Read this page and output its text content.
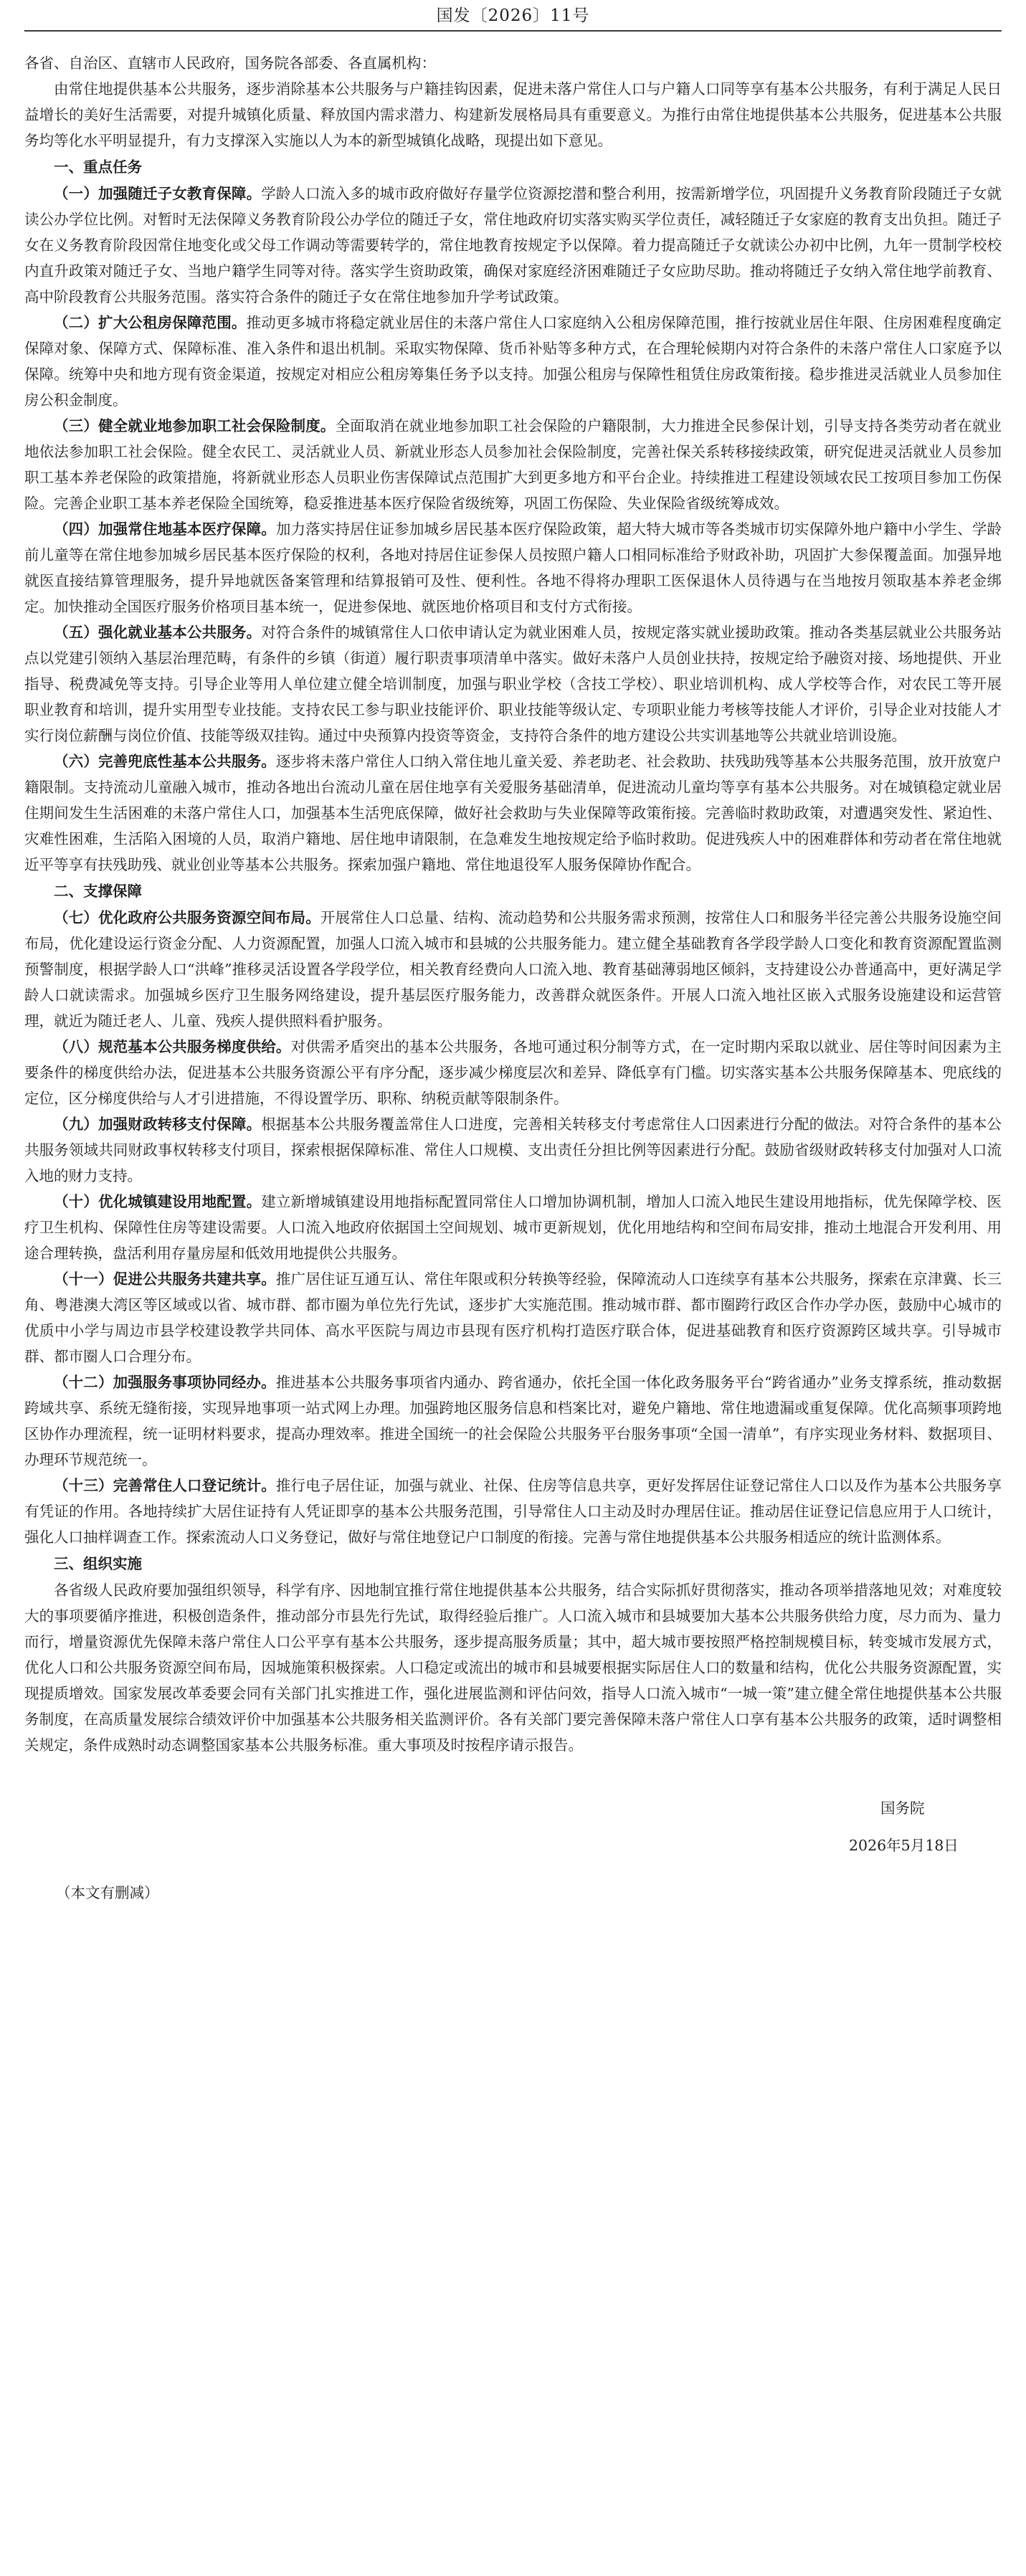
国发〔2026〕11号
各省、自治区、直辖市人民政府，国务院各部委、各直属机构：

由常住地提供基本公共服务，逐步消除基本公共服务与户籍挂钩因素，促进未落户常住人口与户籍人口同等享有基本公共服务，有利于满足人民日益增长的美好生活需要，对提升城镇化质量、释放国内需求潜力、构建新发展格局具有重要意义。为推行由常住地提供基本公共服务，促进基本公共服务均等化水平明显提升，有力支撑深入实施以人为本的新型城镇化战略，现提出如下意见。

一、重点任务

（一）加强随迁子女教育保障。学龄人口流入多的城市政府做好存量学位资源挖潜和整合利用，按需新增学位，巩固提升义务教育阶段随迁子女就读公办学位比例。对暂时无法保障义务教育阶段公办学位的随迁子女，常住地政府切实落实购买学位责任，减轻随迁子女家庭的教育支出负担。随迁子女在义务教育阶段因常住地变化或父母工作调动等需要转学的，常住地教育按规定予以保障。着力提高随迁子女就读公办初中比例，九年一贯制学校校内直升政策对随迁子女、当地户籍学生同等对待。落实学生资助政策，确保对家庭经济困难随迁子女应助尽助。推动将随迁子女纳入常住地学前教育、高中阶段教育公共服务范围。落实符合条件的随迁子女在常住地参加升学考试政策。

（二）扩大公租房保障范围。推动更多城市将稳定就业居住的未落户常住人口家庭纳入公租房保障范围，推行按就业居住年限、住房困难程度确定保障对象、保障方式、保障标准、准入条件和退出机制。采取实物保障、货币补贴等多种方式，在合理轮候期内对符合条件的未落户常住人口家庭予以保障。统筹中央和地方现有资金渠道，按规定对相应公租房筹集任务予以支持。加强公租房与保障性租赁住房政策衔接。稳步推进灵活就业人员参加住房公积金制度。

（三）健全就业地参加职工社会保险制度。全面取消在就业地参加职工社会保险的户籍限制，大力推进全民参保计划，引导支持各类劳动者在就业地依法参加职工社会保险。健全农民工、灵活就业人员、新就业形态人员参加社会保险制度，完善社保关系转移接续政策，研究促进灵活就业人员参加职工基本养老保险的政策措施，将新就业形态人员职业伤害保障试点范围扩大到更多地方和平台企业。持续推进工程建设领域农民工按项目参加工伤保险。完善企业职工基本养老保险全国统筹，稳妥推进基本医疗保险省级统筹，巩固工伤保险、失业保险省级统筹成效。

（四）加强常住地基本医疗保障。加力落实持居住证参加城乡居民基本医疗保险政策，超大特大城市等各类城市切实保障外地户籍中小学生、学龄前儿童等在常住地参加城乡居民基本医疗保险的权利，各地对持居住证参保人员按照户籍人口相同标准给予财政补助，巩固扩大参保覆盖面。加强异地就医直接结算管理服务，提升异地就医备案管理和结算报销可及性、便利性。各地不得将办理职工医保退休人员待遇与在当地按月领取基本养老金绑定。加快推动全国医疗服务价格项目基本统一，促进参保地、就医地价格项目和支付方式衔接。

（五）强化就业基本公共服务。对符合条件的城镇常住人口依申请认定为就业困难人员，按规定落实就业援助政策。推动各类基层就业公共服务站点以党建引领纳入基层治理范畴，有条件的乡镇（街道）履行职责事项清单中落实。做好未落户人员创业扶持，按规定给予融资对接、场地提供、开业指导、税费减免等支持。引导企业等用人单位建立健全培训制度，加强与职业学校（含技工学校）、职业培训机构、成人学校等合作，对农民工等开展职业教育和培训，提升实用型专业技能。支持农民工参与职业技能评价、职业技能等级认定、专项职业能力考核等技能人才评价，引导企业对技能人才实行岗位薪酬与岗位价值、技能等级双挂钩。通过中央预算内投资等资金，支持符合条件的地方建设公共实训基地等公共就业培训设施。

（六）完善兜底性基本公共服务。逐步将未落户常住人口纳入常住地儿童关爱、养老助老、社会救助、扶残助残等基本公共服务范围，放开放宽户籍限制。支持流动儿童融入城市，推动各地出台流动儿童在居住地享有关爱服务基础清单，促进流动儿童均等享有基本公共服务。对在城镇稳定就业居住期间发生生活困难的未落户常住人口，加强基本生活兜底保障，做好社会救助与失业保障等政策衔接。完善临时救助政策，对遭遇突发性、紧迫性、灾难性困难，生活陷入困境的人员，取消户籍地、居住地申请限制，在急难发生地按规定给予临时救助。促进残疾人中的困难群体和劳动者在常住地就近平等享有扶残助残、就业创业等基本公共服务。探索加强户籍地、常住地退役军人服务保障协作配合。

二、支撑保障

（七）优化政府公共服务资源空间布局。开展常住人口总量、结构、流动趋势和公共服务需求预测，按常住人口和服务半径完善公共服务设施空间布局，优化建设运行资金分配、人力资源配置，加强人口流入城市和县城的公共服务能力。建立健全基础教育各学段学龄人口变化和教育资源配置监测预警制度，根据学龄人口“洪峰”推移灵活设置各学段学位，相关教育经费向人口流入地、教育基础薄弱地区倾斜，支持建设公办普通高中，更好满足学龄人口就读需求。加强城乡医疗卫生服务网络建设，提升基层医疗服务能力，改善群众就医条件。开展人口流入地社区嵌入式服务设施建设和运营管理，就近为随迁老人、儿童、残疾人提供照料看护服务。

（八）规范基本公共服务梯度供给。对供需矛盾突出的基本公共服务，各地可通过积分制等方式，在一定时期内采取以就业、居住等时间因素为主要条件的梯度供给办法，促进基本公共服务资源公平有序分配，逐步减少梯度层次和差异、降低享有门槛。切实落实基本公共服务保障基本、兜底线的定位，区分梯度供给与人才引进措施，不得设置学历、职称、纳税贡献等限制条件。

（九）加强财政转移支付保障。根据基本公共服务覆盖常住人口进度，完善相关转移支付考虑常住人口因素进行分配的做法。对符合条件的基本公共服务领域共同财政事权转移支付项目，探索根据保障标准、常住人口规模、支出责任分担比例等因素进行分配。鼓励省级财政转移支付加强对人口流入地的财力支持。

（十）优化城镇建设用地配置。建立新增城镇建设用地指标配置同常住人口增加协调机制，增加人口流入地民生建设用地指标，优先保障学校、医疗卫生机构、保障性住房等建设需要。人口流入地政府依据国土空间规划、城市更新规划，优化用地结构和空间布局安排，推动土地混合开发利用、用途合理转换，盘活利用存量房屋和低效用地提供公共服务。

（十一）促进公共服务共建共享。推广居住证互通互认、常住年限或积分转换等经验，保障流动人口连续享有基本公共服务，探索在京津冀、长三角、粤港澳大湾区等区域或以省、城市群、都市圈为单位先行先试，逐步扩大实施范围。推动城市群、都市圈跨行政区合作办学办医，鼓励中心城市的优质中小学与周边市县学校建设教学共同体、高水平医院与周边市县现有医疗机构打造医疗联合体，促进基础教育和医疗资源跨区域共享。引导城市群、都市圈人口合理分布。

（十二）加强服务事项协同经办。推进基本公共服务事项省内通办、跨省通办，依托全国一体化政务服务平台“跨省通办”业务支撑系统，推动数据跨域共享、系统无缝衔接，实现异地事项一站式网上办理。加强跨地区服务信息和档案比对，避免户籍地、常住地遗漏或重复保障。优化高频事项跨地区协作办理流程，统一证明材料要求，提高办理效率。推进全国统一的社会保险公共服务平台服务事项“全国一清单”，有序实现业务材料、数据项目、办理环节规范统一。

（十三）完善常住人口登记统计。推行电子居住证，加强与就业、社保、住房等信息共享，更好发挥居住证登记常住人口以及作为基本公共服务享有凭证的作用。各地持续扩大居住证持有人凭证即享的基本公共服务范围，引导常住人口主动及时办理居住证。推动居住证登记信息应用于人口统计，强化人口抽样调查工作。探索流动人口义务登记，做好与常住地登记户口制度的衔接。完善与常住地提供基本公共服务相适应的统计监测体系。

三、组织实施

各省级人民政府要加强组织领导，科学有序、因地制宜推行常住地提供基本公共服务，结合实际抓好贯彻落实，推动各项举措落地见效；对难度较大的事项要循序推进，积极创造条件，推动部分市县先行先试，取得经验后推广。人口流入城市和县城要加大基本公共服务供给力度，尽力而为、量力而行，增量资源优先保障未落户常住人口公平享有基本公共服务，逐步提高服务质量；其中，超大城市要按照严格控制规模目标，转变城市发展方式，优化人口和公共服务资源空间布局，因城施策积极探索。人口稳定或流出的城市和县城要根据实际居住人口的数量和结构，优化公共服务资源配置，实现提质增效。国家发展改革委要会同有关部门扎实推进工作，强化进展监测和评估问效，指导人口流入城市“一城一策”建立健全常住地提供基本公共服务制度，在高质量发展综合绩效评价中加强基本公共服务相关监测评价。各有关部门要完善保障未落户常住人口享有基本公共服务的政策，适时调整相关规定，条件成熟时动态调整国家基本公共服务标准。重大事项及时按程序请示报告。

国务院
2026年5月18日
（本文有删减）
